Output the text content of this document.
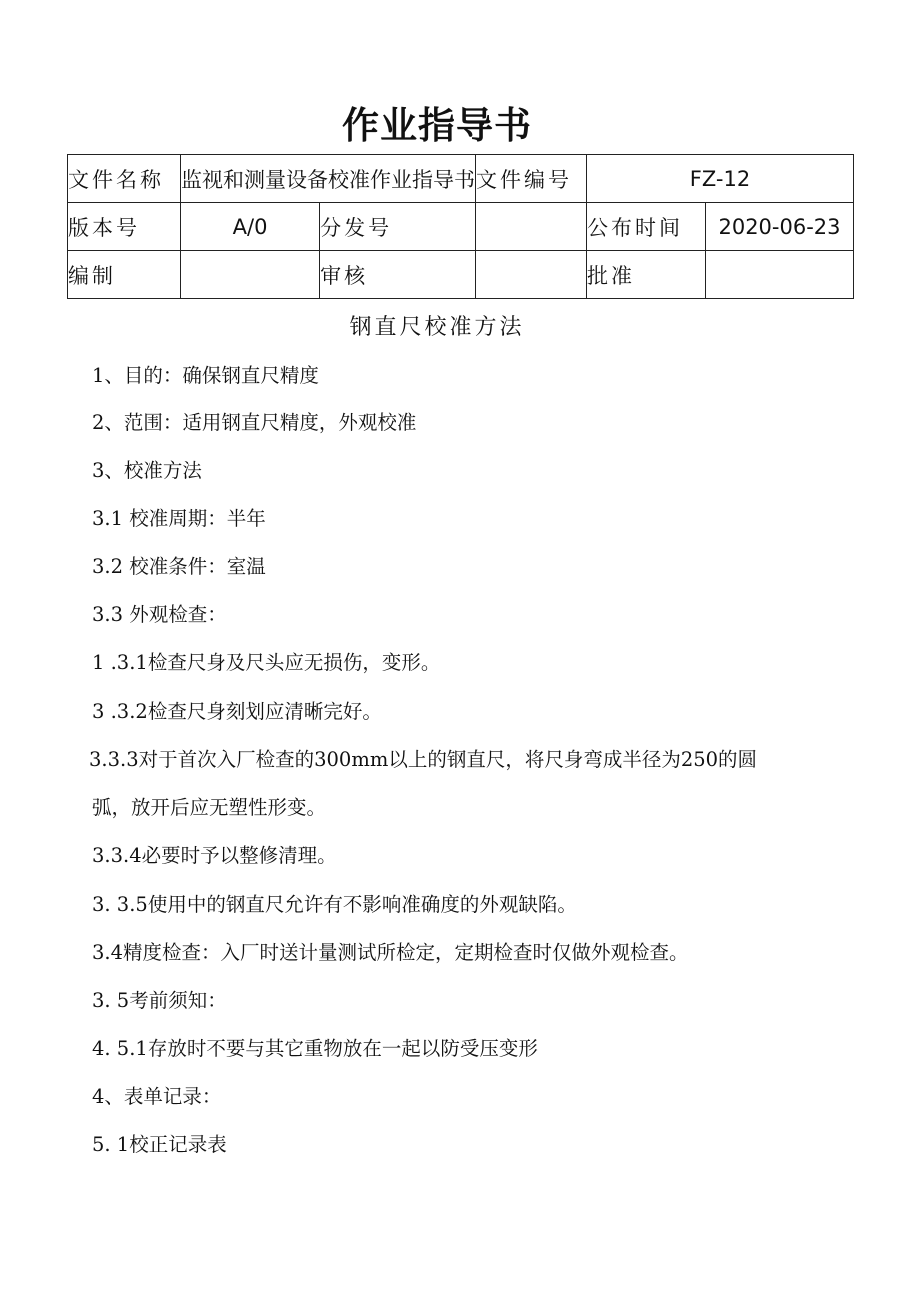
作业指导书
文件名称	监视和测量设备校准作业指导书		文件编号	FZ-12	
版本号	A/0	分发号		公布时间	2020-06-23
编制		审核		批准	
钢直尺校准方法
1、目的：确保钢直尺精度
2、范围：适用钢直尺精度，外观校准
3、校准方法
3.1 校准周期：半年
3.2 校准条件：室温
3.3 外观检查：
1 .3.1检查尺身及尺头应无损伤，变形。
3 .3.2检查尺身刻划应清晰完好。
3.3.3对于首次入厂检查的300mm以上的钢直尺，将尺身弯成半径为250的圆
弧，放开后应无塑性形变。
3.3.4必要时予以整修清理。
3. 3.5使用中的钢直尺允许有不影响准确度的外观缺陷。
3.4精度检查：入厂时送计量测试所检定，定期检查时仅做外观检查。
3. 5考前须知：
4. 5.1存放时不要与其它重物放在一起以防受压变形
4、表单记录：
5. 1校正记录表
